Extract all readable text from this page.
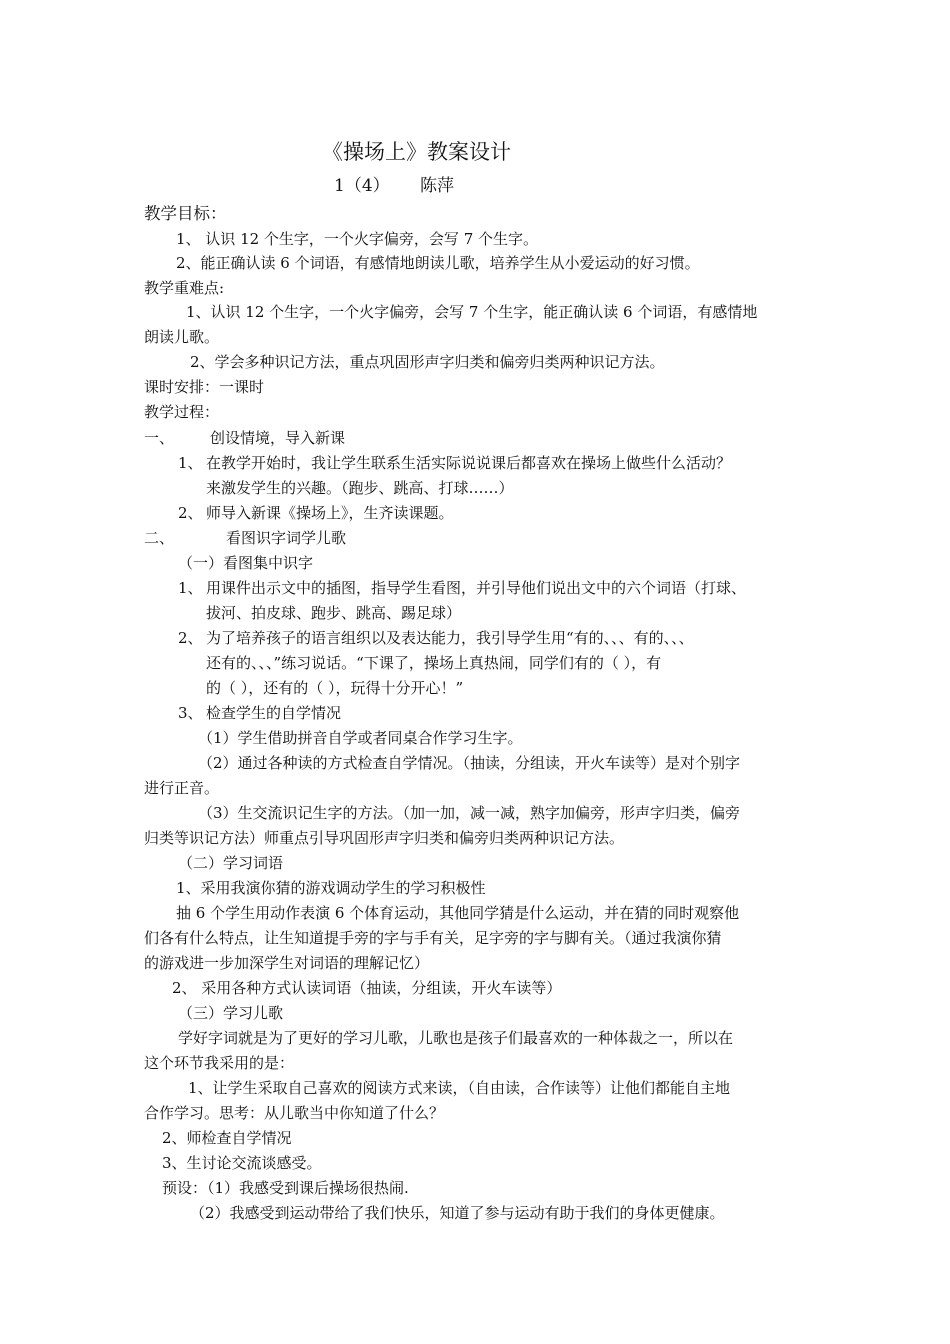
《操场上》教案设计
1（4） 陈萍
教学目标：
1、 认识 12 个生字，一个火字偏旁，会写 7 个生字。
2、能正确认读 6 个词语，有感情地朗读儿歌，培养学生从小爱运动的好习惯。
教学重难点:
1、认识 12 个生字，一个火字偏旁，会写 7 个生字，能正确认读 6 个词语，有感情地
朗读儿歌。
2、学会多种识记方法，重点巩固形声字归类和偏旁归类两种识记方法。
课时安排：一课时
教学过程：
一、 创设情境，导入新课
1、 在教学开始时，我让学生联系生活实际说说课后都喜欢在操场上做些什么活动？
来激发学生的兴趣。（跑步、跳高、打球……）
2、 师导入新课《操场上》，生齐读课题。
二、	看图识字词学儿歌
（一）看图集中识字
1、 用课件出示文中的插图，指导学生看图，并引导他们说出文中的六个词语（打球、
拔河、拍皮球、跑步、跳高、踢足球）
2、 为了培养孩子的语言组织以及表达能力，我引导学生用“有的、、、有的、、、
还有的、、、”练习说话。“下课了，操场上真热闹，同学们有的（ ），有
的（ ），还有的（ ），玩得十分开心！”
3、 检查学生的自学情况
（1）学生借助拼音自学或者同桌合作学习生字。
（2）通过各种读的方式检查自学情况。（抽读，分组读，开火车读等）是对个别字
进行正音。
（3）生交流识记生字的方法。（加一加，减一减，熟字加偏旁，形声字归类，偏旁
归类等识记方法）师重点引导巩固形声字归类和偏旁归类两种识记方法。
（二）学习词语
1、采用我演你猜的游戏调动学生的学习积极性
抽 6 个学生用动作表演 6 个体育运动，其他同学猜是什么运动，并在猜的同时观察他
们各有什么特点，让生知道提手旁的字与手有关，足字旁的字与脚有关。（通过我演你猜
的游戏进一步加深学生对词语的理解记忆）
2、 采用各种方式认读词语（抽读，分组读，开火车读等）
（三）学习儿歌
学好字词就是为了更好的学习儿歌，儿歌也是孩子们最喜欢的一种体裁之一，所以在
这个环节我采用的是：
1、让学生采取自己喜欢的阅读方式来读，（自由读，合作读等）让他们都能自主地
合作学习。思考：从儿歌当中你知道了什么？
2、师检查自学情况
3、生讨论交流谈感受。
预设：（1）我感受到课后操场很热闹.
（2）我感受到运动带给了我们快乐，知道了参与运动有助于我们的身体更健康。
